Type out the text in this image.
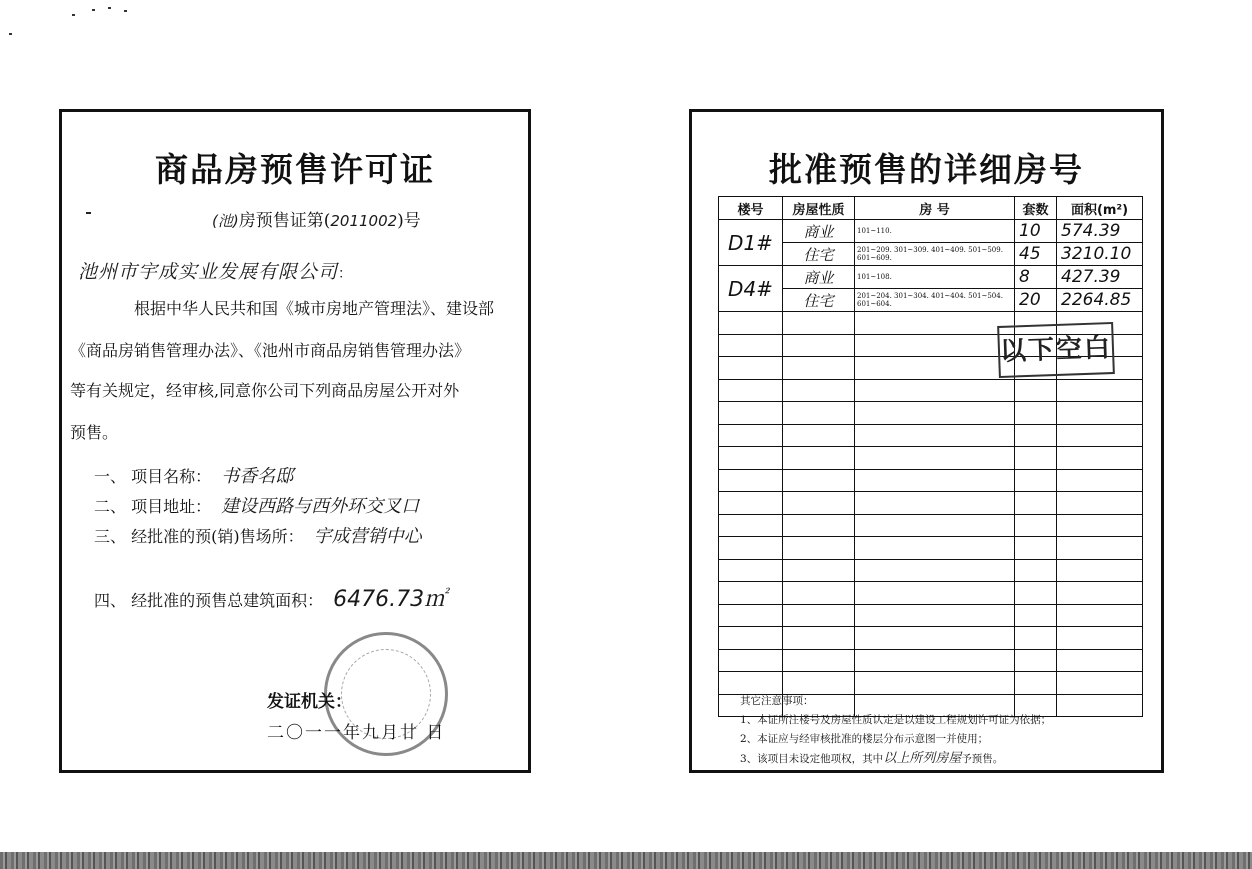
商品房预售许可证
(池)房预售证第(2011002)号
池州市宇成实业发展有限公司：
根据中华人民共和国《城市房地产管理法》、建设部
《商品房销售管理办法》、《池州市商品房销售管理办法》
等有关规定，经审核,同意你公司下列商品房屋公开对外
预售。
一、 项目名称： 书香名邸
二、 项目地址： 建设西路与西外环交叉口
三、 经批准的预(销)售场所： 宇成营销中心
四、 经批准的预售总建筑面积： 6476.73㎡
发证机关：
二〇一一年九月廿 日
批准预售的详细房号
楼号	房屋性质	房 号	套数	面积(m²)
D1#	商业	101~110.	10	574.39
	住宅	201~209. 301~309. 401~409. 501~509. 601~609.	45	3210.10
D4#	商业	101~108.	8	427.39
	住宅	201~204. 301~304. 401~404. 501~504. 601~604.	20	2264.85

以下空白
其它注意事项：
1、本证所注楼号及房屋性质认定是以建设工程规划许可证为依据；
2、本证应与经审核批准的楼层分布示意图一并使用；
3、该项目未设定他项权，其中以上所列房屋予预售。
